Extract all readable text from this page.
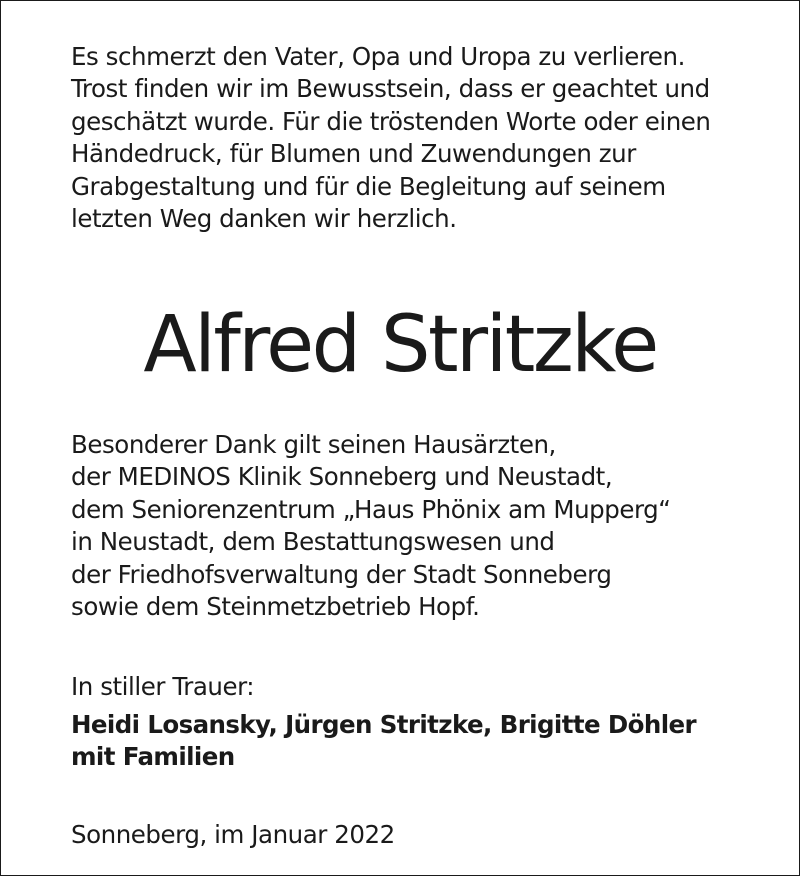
Es schmerzt den Vater, Opa und Uropa zu verlieren.
Trost finden wir im Bewusstsein, dass er geachtet und
geschätzt wurde. Für die tröstenden Worte oder einen
Händedruck, für Blumen und Zuwendungen zur
Grabgestaltung und für die Begleitung auf seinem
letzten Weg danken wir herzlich.

Alfred Stritzke

Besonderer Dank gilt seinen Hausärzten,
der MEDINOS Klinik Sonneberg und Neustadt,
dem Seniorenzentrum „Haus Phönix am Mupperg“
in Neustadt, dem Bestattungswesen und
der Friedhofsverwaltung der Stadt Sonneberg
sowie dem Steinmetzbetrieb Hopf.

In stiller Trauer:

Heidi Losansky, Jürgen Stritzke, Brigitte Döhler
mit Familien

Sonneberg, im Januar 2022
